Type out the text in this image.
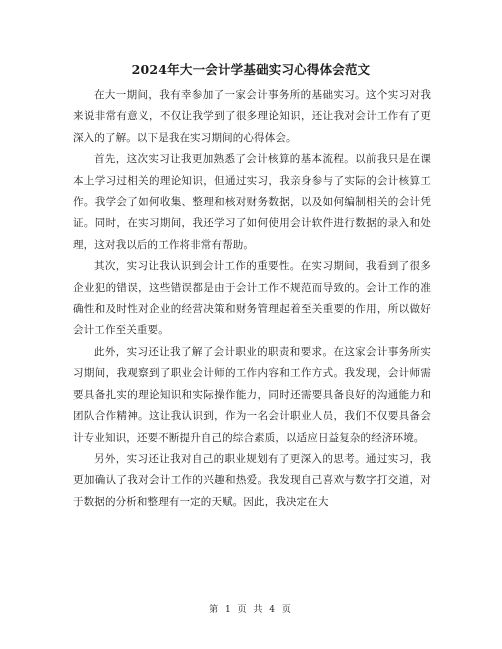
2024年大一会计学基础实习心得体会范文

在大一期间，我有幸参加了一家会计事务所的基础实习。这个实习对我来说非常有意义，不仅让我学到了很多理论知识，还让我对会计工作有了更深入的了解。以下是我在实习期间的心得体会。

首先，这次实习让我更加熟悉了会计核算的基本流程。以前我只是在课本上学习过相关的理论知识，但通过实习，我亲身参与了实际的会计核算工作。我学会了如何收集、整理和核对财务数据，以及如何编制相关的会计凭证。同时，在实习期间，我还学习了如何使用会计软件进行数据的录入和处理，这对我以后的工作将非常有帮助。

其次，实习让我认识到会计工作的重要性。在实习期间，我看到了很多企业犯的错误，这些错误都是由于会计工作不规范而导致的。会计工作的准确性和及时性对企业的经营决策和财务管理起着至关重要的作用，所以做好会计工作至关重要。

此外，实习还让我了解了会计职业的职责和要求。在这家会计事务所实习期间，我观察到了职业会计师的工作内容和工作方式。我发现，会计师需要具备扎实的理论知识和实际操作能力，同时还需要具备良好的沟通能力和团队合作精神。这让我认识到，作为一名会计职业人员，我们不仅要具备会计专业知识，还要不断提升自己的综合素质，以适应日益复杂的经济环境。

另外，实习还让我对自己的职业规划有了更深入的思考。通过实习，我更加确认了我对会计工作的兴趣和热爱。我发现自己喜欢与数字打交道，对于数据的分析和整理有一定的天赋。因此，我决定在大

第 1 页 共 4 页
